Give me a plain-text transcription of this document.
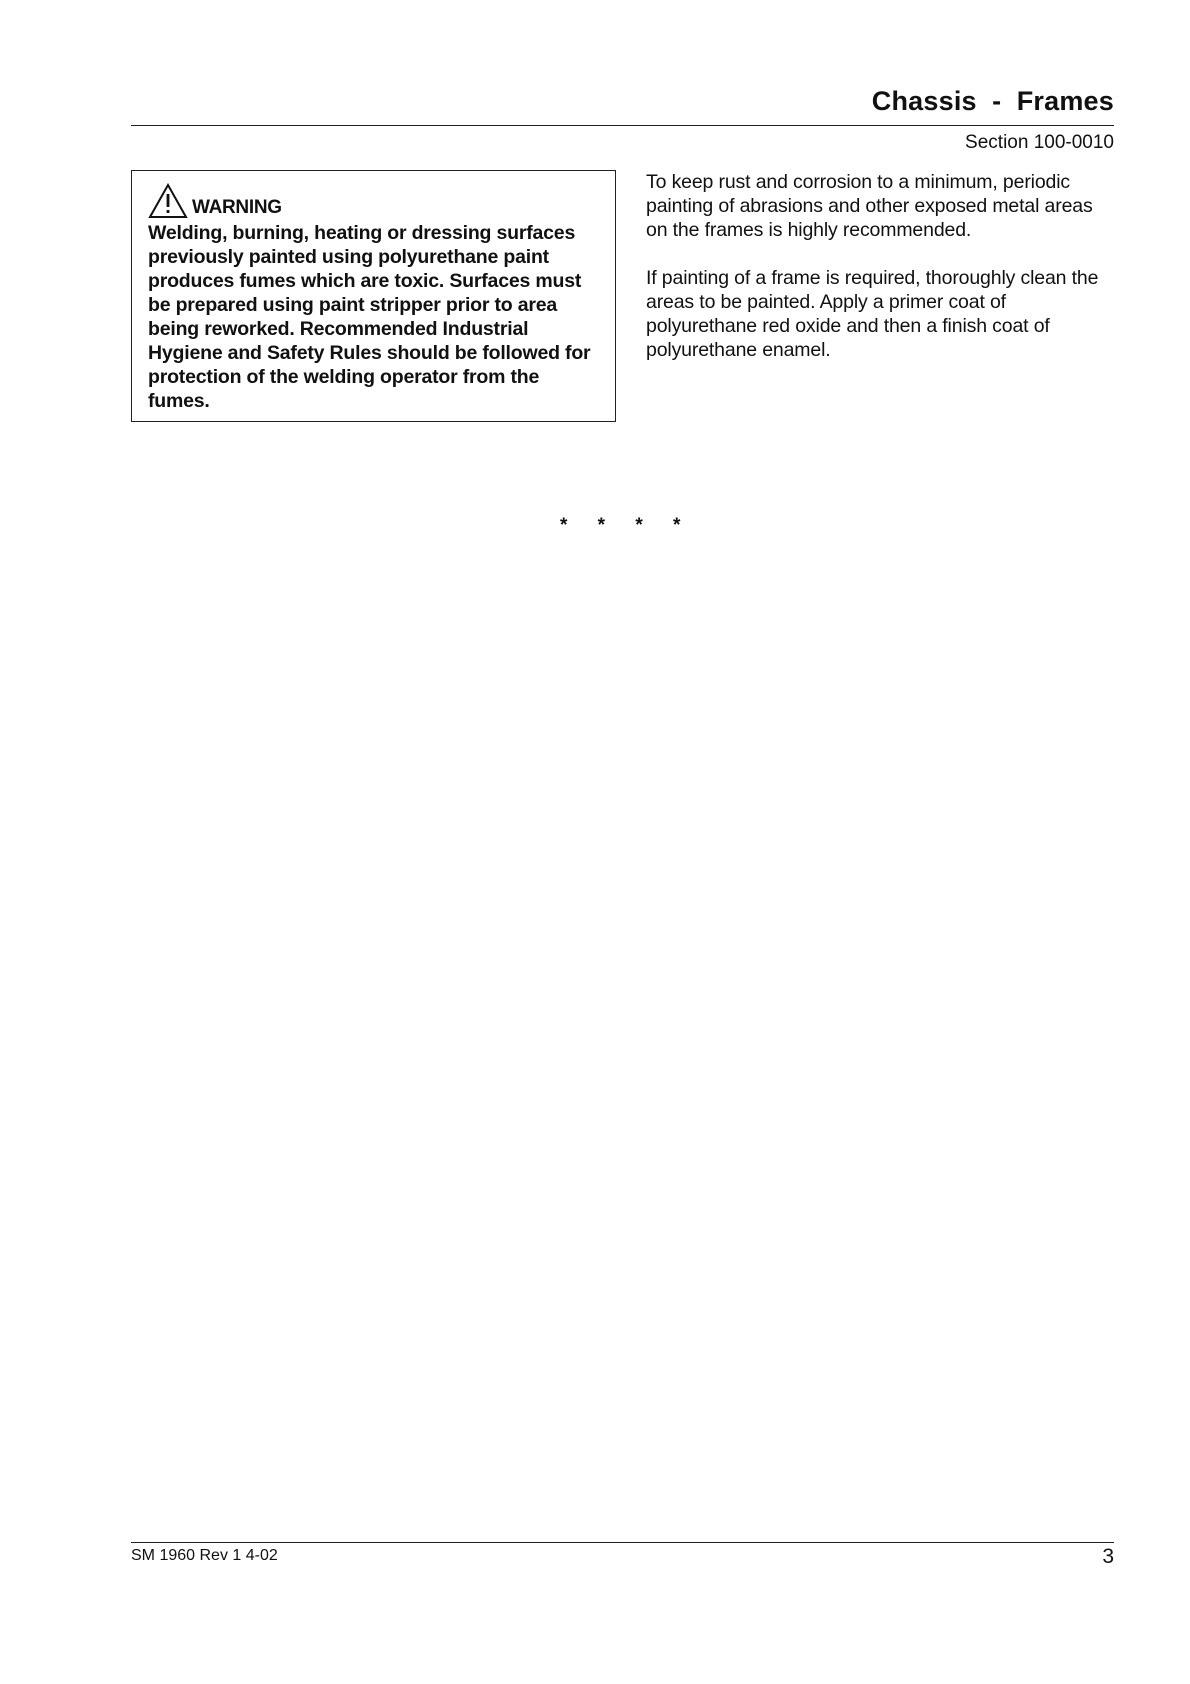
Chassis  -  Frames
Section 100-0010
WARNING
Welding, burning, heating or dressing surfaces previously painted using polyurethane paint produces fumes which are toxic. Surfaces must be prepared using paint stripper prior to area being reworked. Recommended Industrial Hygiene and Safety Rules should be followed for protection of the welding operator from the fumes.

To keep rust and corrosion to a minimum, periodic painting of abrasions and other exposed metal areas on the frames is highly recommended.

If painting of a frame is required, thoroughly clean the areas to be painted. Apply a primer coat of polyurethane red oxide and then a finish coat of polyurethane enamel.

* * * *
SM 1960 Rev 1 4-02	3
